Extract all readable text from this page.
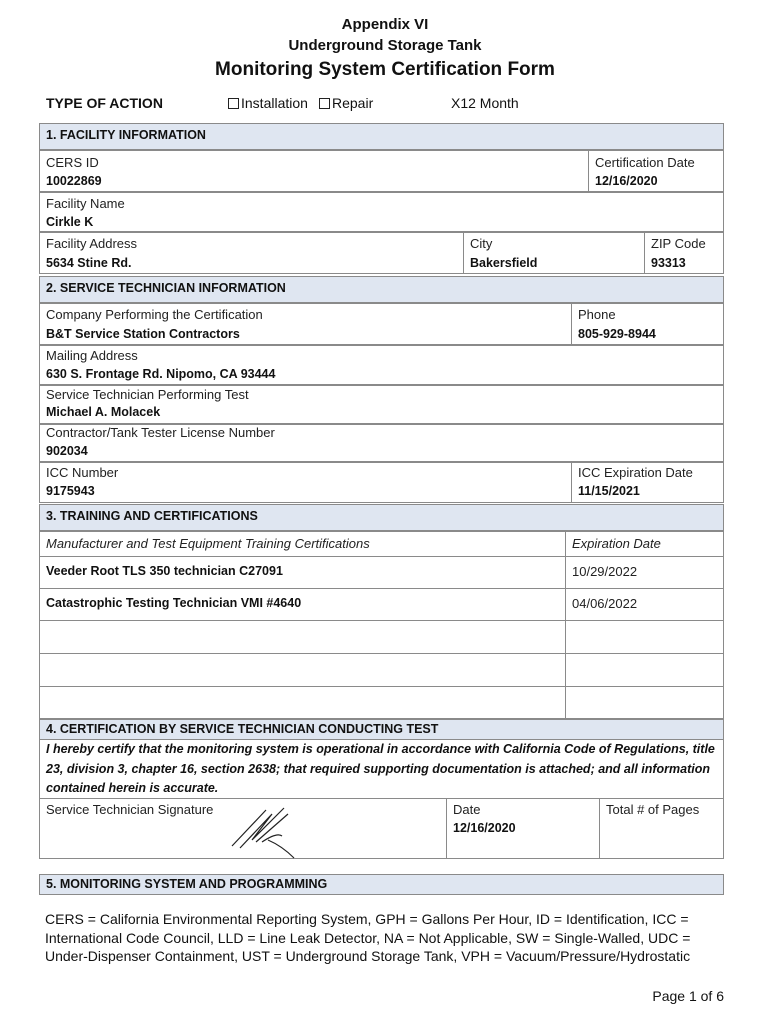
Appendix VI
Underground Storage Tank
Monitoring System Certification Form
TYPE OF ACTION	Installation	Repair	X12 Month
1. FACILITY INFORMATION
CERS ID
10022869
Certification Date
12/16/2020
Facility Name
Cirkle K
Facility Address
5634 Stine Rd.
City
Bakersfield
ZIP Code
93313
2. SERVICE TECHNICIAN INFORMATION
Company Performing the Certification
B&T Service Station Contractors
Phone
805-929-8944
Mailing Address
630 S. Frontage Rd. Nipomo, CA 93444
Service Technician Performing Test
Michael A. Molacek
Contractor/Tank Tester License Number
902034
ICC Number
9175943
ICC Expiration Date
11/15/2021
3. TRAINING AND CERTIFICATIONS
Manufacturer and Test Equipment Training Certifications	Expiration Date
Veeder Root TLS 350 technician C27091	10/29/2022
Catastrophic Testing Technician VMI #4640	04/06/2022
4. CERTIFICATION BY SERVICE TECHNICIAN CONDUCTING TEST
I hereby certify that the monitoring system is operational in accordance with California Code of Regulations, title 23, division 3, chapter 16, section 2638; that required supporting documentation is attached; and all information contained herein is accurate.
Service Technician Signature	Date
12/16/2020
Total # of Pages
5. MONITORING SYSTEM AND PROGRAMMING
CERS = California Environmental Reporting System, GPH = Gallons Per Hour, ID = Identification, ICC = International Code Council, LLD = Line Leak Detector, NA = Not Applicable, SW = Single-Walled, UDC = Under-Dispenser Containment, UST = Underground Storage Tank, VPH = Vacuum/Pressure/Hydrostatic
Page 1 of 6
